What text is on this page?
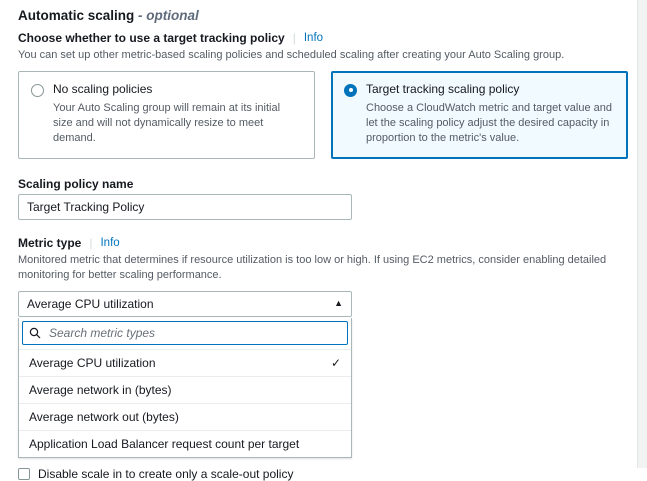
Automatic scaling - optional
Choose whether to use a target tracking policy | Info

You can set up other metric-based scaling policies and scheduled scaling after creating your Auto Scaling group.

No scaling policies
Your Auto Scaling group will remain at its initial size and will not dynamically resize to meet demand.
Target tracking scaling policy
Choose a CloudWatch metric and target value and let the scaling policy adjust the desired capacity in proportion to the metric's value.
Scaling policy name
Target Tracking Policy
Metric type | Info

Monitored metric that determines if resource utilization is too low or high. If using EC2 metrics, consider enabling detailed monitoring for better scaling performance.

Average CPU utilization	▲
Search metric types
Average CPU utilization	✓
Average network in (bytes)
Average network out (bytes)
Application Load Balancer request count per target
Disable scale in to create only a scale-out policy
